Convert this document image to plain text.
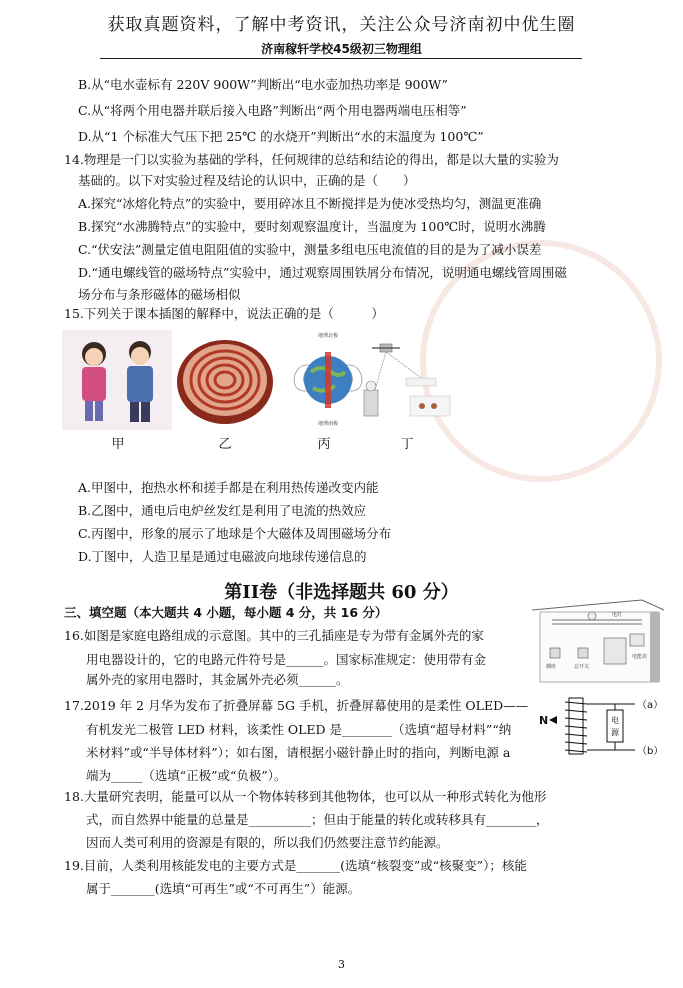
获取真题资料，了解中考资讯，关注公众号济南初中优生圈
济南稼轩学校45级初三物理组
B.从“电水壶标有 220V 900W”判断出“电水壶加热功率是 900W”
C.从“将两个用电器并联后接入电路”判断出“两个用电器两端电压相等”
D.从“1 个标准大气压下把 25℃ 的水烧开”判断出“水的末温度为 100℃”
14.物理是一门以实验为基础的学科，任何规律的总结和结论的得出，都是以大量的实验为
基础的。以下对实验过程及结论的认识中，正确的是（　　）
A.探究“冰熔化特点”的实验中，要用碎冰且不断搅拌是为使冰受热均匀，测温更准确
B.探究“水沸腾特点”的实验中，要时刻观察温度计，当温度为 100℃时，说明水沸腾
C.“伏安法”测量定值电阻阻值的实验中，测量多组电压电流值的目的是为了减小误差
D.“通电螺线管的磁场特点”实验中，通过观察周围铁屑分布情况，说明通电螺线管周围磁
场分布与条形磁体的磁场相似
15.下列关于课本插图的解释中，说法正确的是（　　　）
地理北极
地理南极
甲	乙	丙	丁
A.甲图中，抱热水杯和搓手都是在利用热传递改变内能
B.乙图中，通电后电炉丝发红是利用了电流的热效应
C.丙图中，形象的展示了地球是个大磁体及周围磁场分布
D.丁图中，人造卫星是通过电磁波向地球传递信息的
第II卷（非选择题共 60 分）
三、填空题（本大题共 4 小题，每小题 4 分，共 16 分）
16.如图是家庭电路组成的示意图。其中的三孔插座是专为带有金属外壳的家
用电器设计的，它的电路元件符号是______。国家标准规定：使用带有金
属外壳的家用电器时，其金属外壳必须______。
电灯
电能表
插座	总开关
17.2019 年 2 月华为发布了折叠屏幕 5G 手机，折叠屏幕使用的是柔性 OLED——
有机发光二极管 LED 材料，该柔性 OLED 是________（选填“超导材料”“纳
米材料”或“半导体材料”）；如右图，请根据小磁针静止时的指向，判断电源 a
端为_____（选填“正极”或“负极”）。
N	电
源
（a）
（b）
18.大量研究表明，能量可以从一个物体转移到其他物体，也可以从一种形式转化为他形
式，而自然界中能量的总量是__________；但由于能量的转化或转移具有________，
因而人类可利用的资源是有限的，所以我们仍然要注意节约能源。
19.目前，人类利用核能发电的主要方式是_______(选填“核裂变”或“核聚变”）；核能
属于_______(选填“可再生”或“不可再生”）能源。
3
